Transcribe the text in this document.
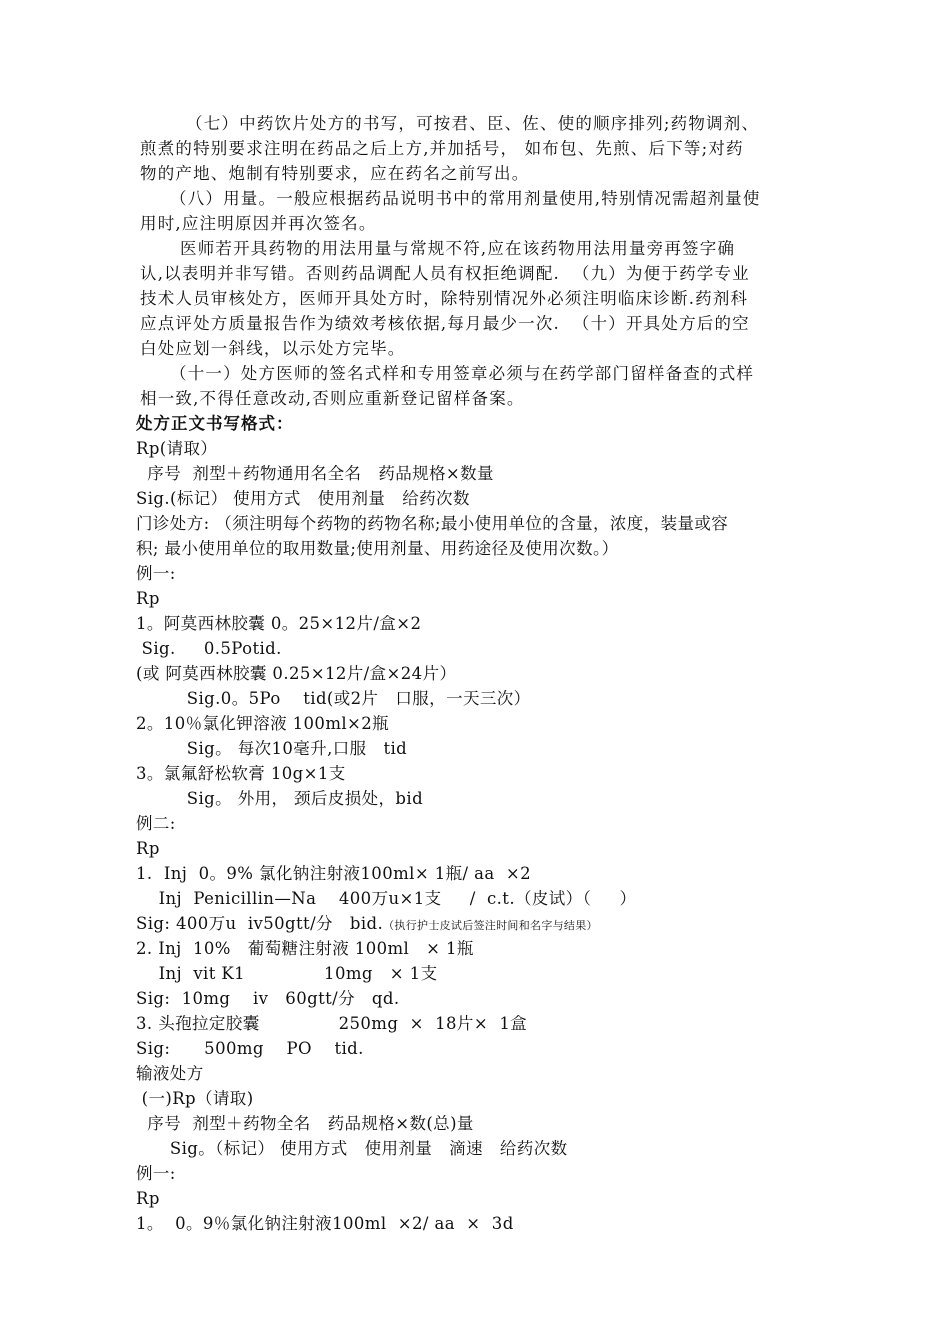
（七）中药饮片处方的书写，可按君、臣、佐、使的顺序排列;药物调剂、
煎煮的特别要求注明在药品之后上方,并加括号， 如布包、先煎、后下等;对药
物的产地、炮制有特别要求，应在药名之前写出。
（八）用量。一般应根据药品说明书中的常用剂量使用,特别情况需超剂量使
用时,应注明原因并再次签名。
医师若开具药物的用法用量与常规不符,应在该药物用法用量旁再签字确
认,以表明并非写错。否则药品调配人员有权拒绝调配.  （九）为便于药学专业
技术人员审核处方，医师开具处方时，除特别情况外必须注明临床诊断.药剂科
应点评处方质量报告作为绩效考核依据,每月最少一次.  （十）开具处方后的空
白处应划一斜线，以示处方完毕。
（十一）处方医师的签名式样和专用签章必须与在药学部门留样备查的式样
相一致,不得任意改动,否则应重新登记留样备案。
处方正文书写格式：
Rp(请取）
序号  剂型＋药物通用名全名   药品规格×数量
Sig.(标记） 使用方式   使用剂量   给药次数
门诊处方: （须注明每个药物的药物名称;最小使用单位的含量，浓度，装量或容
积; 最小使用单位的取用数量;使用剂量、用药途径及使用次数。）
例一:
Rp
1。阿莫西林胶囊 0。25×12片/盒×2
Sig.     0.5Potid.
(或 阿莫西林胶囊 0.25×12片/盒×24片）
Sig.0。5Po    tid(或2片   口服，一天三次）
2。10％氯化钾溶液 100ml×2瓶
Sig。 每次10毫升,口服   tid
3。氯氟舒松软膏 10g×1支
Sig。 外用， 颈后皮损处，bid
例二:
Rp
1.  Inj  0。9% 氯化钠注射液100ml× 1瓶/ aa  ×2
Inj  Penicillin—Na    400万u×1支     /  c.t.（皮试）（     ）
Sig: 400万u  iv50gtt/分   bid.（执行护士皮试后签注时间和名字与结果）
2. Inj  10%   葡萄糖注射液 100ml   × 1瓶
Inj  vit K1              10mg   × 1支
Sig:  10mg    iv   60gtt/分   qd.
3. 头孢拉定胶囊              250mg  ×  18片×  1盒
Sig:      500mg    PO    tid.
输液处方
(一)Rp（请取)
序号  剂型＋药物全名   药品规格×数(总)量
Sig。（标记） 使用方式   使用剂量   滴速   给药次数
例一:
Rp
1。  0。9％氯化钠注射液100ml  ×2/ aa  ×  3d
